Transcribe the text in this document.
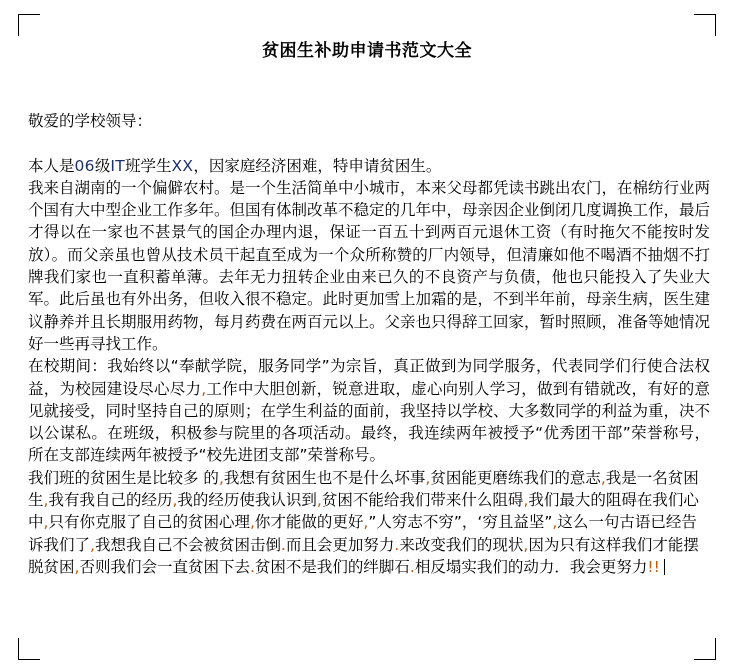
贫困生补助申请书范文大全

敬爱的学校领导：

本人是06级IT班学生XX，因家庭经济困难，特申请贫困生。

我来自湖南的一个偏僻农村。是一个生活简单中小城市，本来父母都凭读书跳出农门，在棉纺行业两个国有大中型企业工作多年。但国有体制改革不稳定的几年中，母亲因企业倒闭几度调换工作，最后才得以在一家也不甚景气的国企办理内退，保证一百五十到两百元退休工资（有时拖欠不能按时发放）。而父亲虽也曾从技术员干起直至成为一个众所称赞的厂内领导，但清廉如他不喝酒不抽烟不打牌我们家也一直积蓄单薄。去年无力扭转企业由来已久的不良资产与负债，他也只能投入了失业大军。此后虽也有外出务，但收入很不稳定。此时更加雪上加霜的是，不到半年前，母亲生病，医生建议静养并且长期服用药物，每月药费在两百元以上。父亲也只得辞工回家，暂时照顾，准备等她情况好一些再寻找工作。

在校期间：我始终以“奉献学院，服务同学”为宗旨，真正做到为同学服务，代表同学们行使合法权益，为校园建设尽心尽力,工作中大胆创新，锐意进取，虚心向别人学习，做到有错就改，有好的意见就接受，同时坚持自己的原则；在学生利益的面前，我坚持以学校、大多数同学的利益为重，决不以公谋私。在班级，积极参与院里的各项活动。最终，我连续两年被授予“优秀团干部”荣誉称号，所在支部连续两年被授予“校先进团支部”荣誉称号。

我们班的贫困生是比较多 的,我想有贫困生也不是什么坏事,贫困能更磨练我们的意志,我是一名贫困生,我有我自己的经历,我的经历使我认识到,贫困不能给我们带来什么阻碍,我们最大的阻碍在我们心中,只有你克服了自己的贫困心理,你才能做的更好,”人穷志不穷”，‘穷且益坚”,这么一句古语已经告诉我们了,我想我自己不会被贫困击倒.而且会更加努力.来改变我们的现状,因为只有这样我们才能摆脱贫困,否则我们会一直贫困下去.贫困不是我们的绊脚石.相反塌实我们的动力．我会更努力!!
